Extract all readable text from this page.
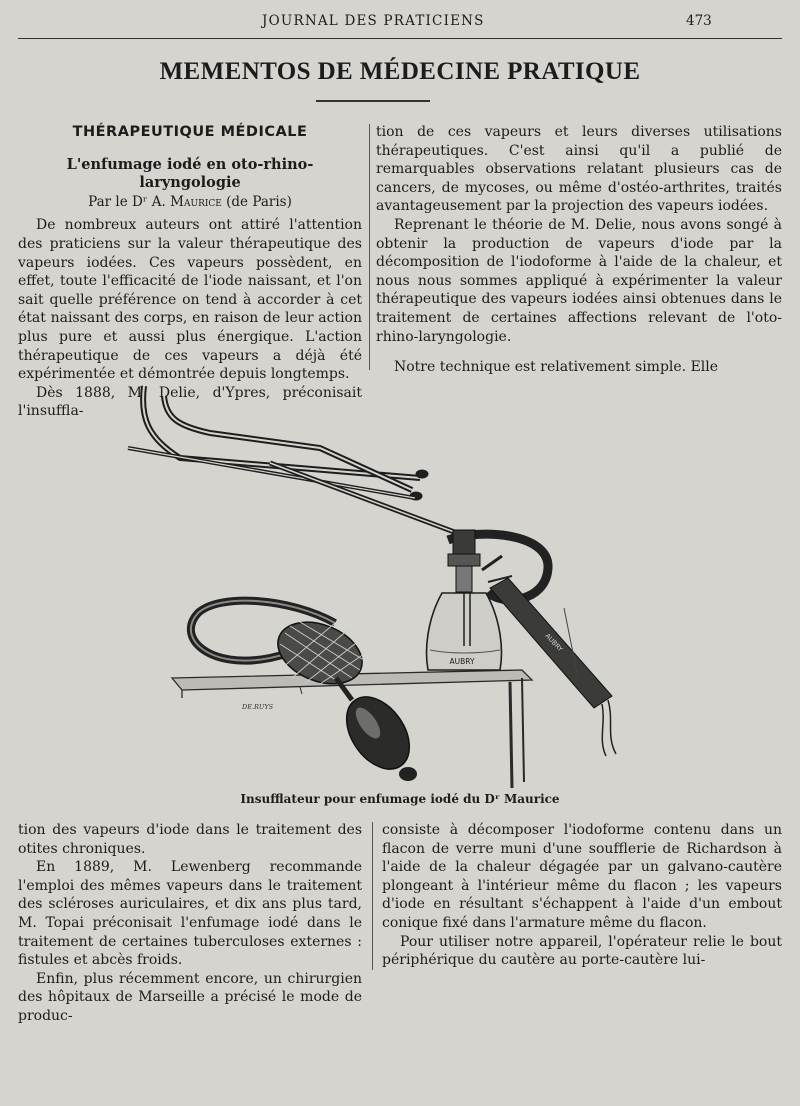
JOURNAL DES PRATICIENS	473
MEMENTOS DE MÉDECINE PRATIQUE

THÉRAPEUTIQUE MÉDICALE

L'enfumage iodé en oto-rhino-laryngologie

Par le Dʳ A. Maurice (de Paris)

De nombreux auteurs ont attiré l'attention des praticiens sur la valeur thérapeutique des vapeurs iodées. Ces vapeurs possèdent, en effet, toute l'efficacité de l'iode naissant, et l'on sait quelle préférence on tend à accorder à cet état naissant des corps, en raison de leur action plus pure et aussi plus énergique. L'action thérapeutique de ces vapeurs a déjà été expérimentée et démontrée depuis longtemps.

Dès 1888, M. Delie, d'Ypres, préconisait l'insuffla-

tion de ces vapeurs et leurs diverses utilisations thérapeutiques. C'est ainsi qu'il a publié de remarquables observations relatant plusieurs cas de cancers, de mycoses, ou même d'ostéo-arthrites, traités avantageusement par la projection des vapeurs iodées.

Reprenant le théorie de M. Delie, nous avons songé à obtenir la production de vapeurs d'iode par la décomposition de l'iodoforme à l'aide de la chaleur, et nous nous sommes appliqué à expérimenter la valeur thérapeutique des vapeurs iodées ainsi obtenues dans le traitement de certaines affections relevant de l'oto-rhino-laryngologie.

Notre technique est relativement simple. Elle

AUBRY
AUBRY
DE.RUYS
Insufflateur pour enfumage iodé du Dʳ Maurice

tion des vapeurs d'iode dans le traitement des otites chroniques.

En 1889, M. Lewenberg recommande l'emploi des mêmes vapeurs dans le traitement des scléroses auriculaires, et dix ans plus tard, M. Topai préconisait l'enfumage iodé dans le traitement de certaines tuberculoses externes : fistules et abcès froids.

Enfin, plus récemment encore, un chirurgien des hôpitaux de Marseille a précisé le mode de produc-

consiste à décomposer l'iodoforme contenu dans un flacon de verre muni d'une soufflerie de Richardson à l'aide de la chaleur dégagée par un galvano-cautère plongeant à l'intérieur même du flacon ; les vapeurs d'iode en résultant s'échappent à l'aide d'un embout conique fixé dans l'armature même du flacon.

Pour utiliser notre appareil, l'opérateur relie le bout périphérique du cautère au porte-cautère lui-
